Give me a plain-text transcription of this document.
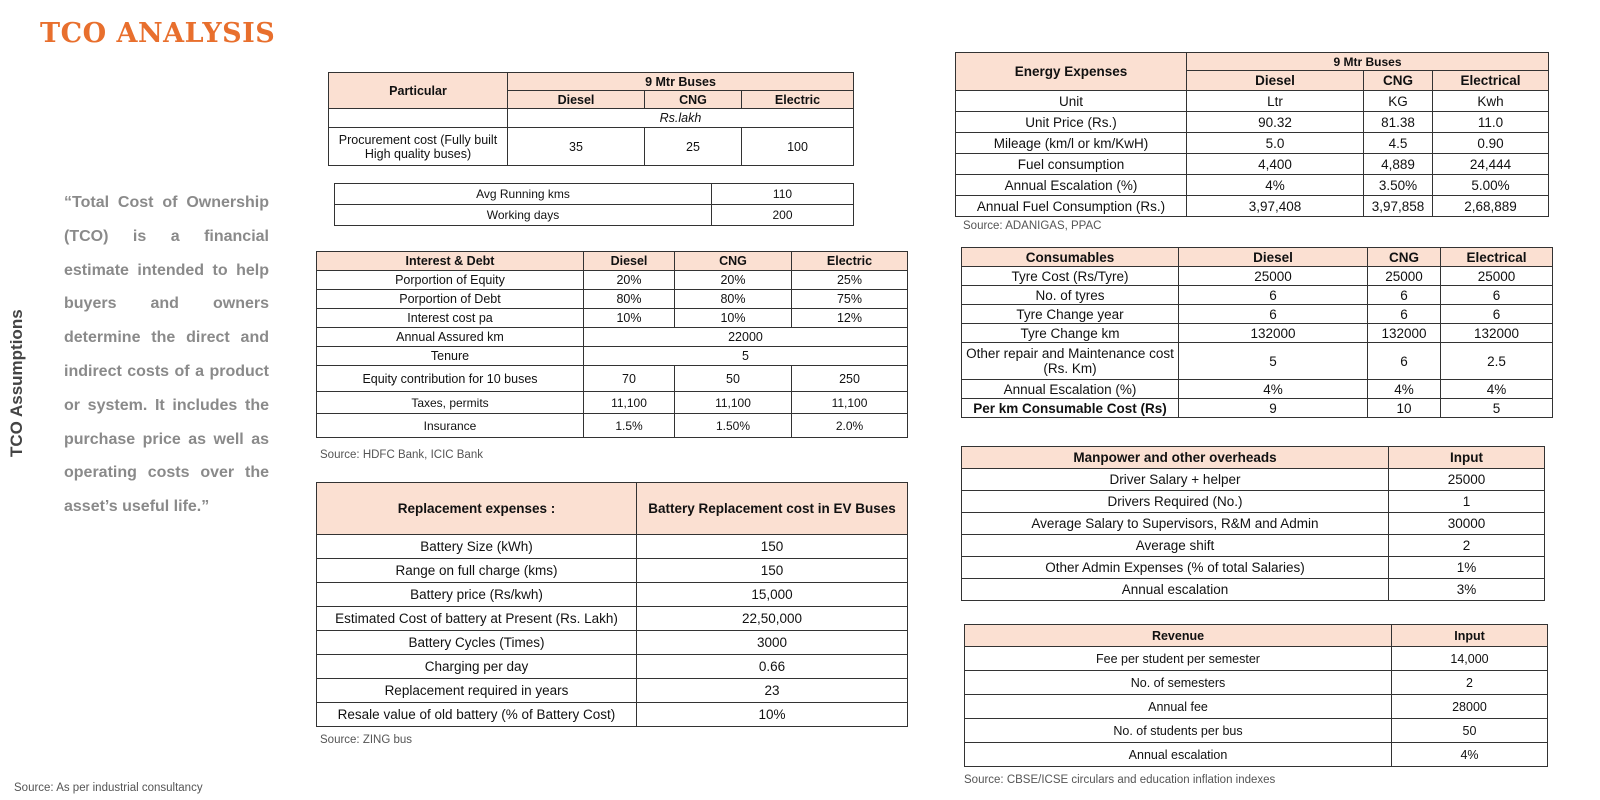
TCO ANALYSIS
TCO Assumptions
“Total Cost of Ownership (TCO) is a financial estimate intended to help buyers and owners determine the direct and indirect costs of a product or system. It includes the purchase price as well as operating costs over the asset’s useful life.”
Source: As per industrial consultancy
Particular	9 Mtr Buses		
	Diesel	CNG	Electric
	Rs.lakh		
Procurement cost (Fully built High quality buses)	35	25	100
Avg Running kms	110
Working days	200
Interest & Debt	Diesel	CNG	Electric
Porportion of Equity	20%	20%	25%
Porportion of Debt	80%	80%	75%
Interest cost pa	10%	10%	12%
Annual Assured km	22000		
Tenure	5		
Equity contribution for 10 buses	70	50	250
Taxes, permits	11,100	11,100	11,100
Insurance	1.5%	1.50%	2.0%
Source: HDFC Bank, ICIC Bank
Replacement expenses :	Battery Replacement cost in EV Buses
Battery Size (kWh)	150
Range on full charge (kms)	150
Battery price (Rs/kwh)	15,000
Estimated Cost of battery at Present (Rs. Lakh)	22,50,000
Battery Cycles (Times)	3000
Charging per day	0.66
Replacement required in years	23
Resale value of old battery (% of Battery Cost)	10%
Source: ZING bus
Energy Expenses	9 Mtr Buses		
	Diesel	CNG	Electrical
Unit	Ltr	KG	Kwh
Unit Price (Rs.)	90.32	81.38	11.0
Mileage (km/l or km/KwH)	5.0	4.5	0.90
Fuel consumption	4,400	4,889	24,444
Annual Escalation (%)	4%	3.50%	5.00%
Annual Fuel Consumption (Rs.)	3,97,408	3,97,858	2,68,889
Source: ADANIGAS, PPAC
Consumables	Diesel	CNG	Electrical
Tyre Cost (Rs/Tyre)	25000	25000	25000
No. of tyres	6	6	6
Tyre Change year	6	6	6
Tyre Change km	132000	132000	132000
Other repair and Maintenance cost (Rs. Km)	5	6	2.5
Annual Escalation (%)	4%	4%	4%
Per km Consumable Cost (Rs)	9	10	5
Manpower and other overheads	Input
Driver Salary + helper	25000
Drivers Required (No.)	1
Average Salary to Supervisors, R&M and Admin	30000
Average shift	2
Other Admin Expenses (% of total Salaries)	1%
Annual escalation	3%
Revenue	Input
Fee per student per semester	14,000
No. of semesters	2
Annual fee	28000
No. of students per bus	50
Annual escalation	4%
Source: CBSE/ICSE circulars and education inflation indexes
